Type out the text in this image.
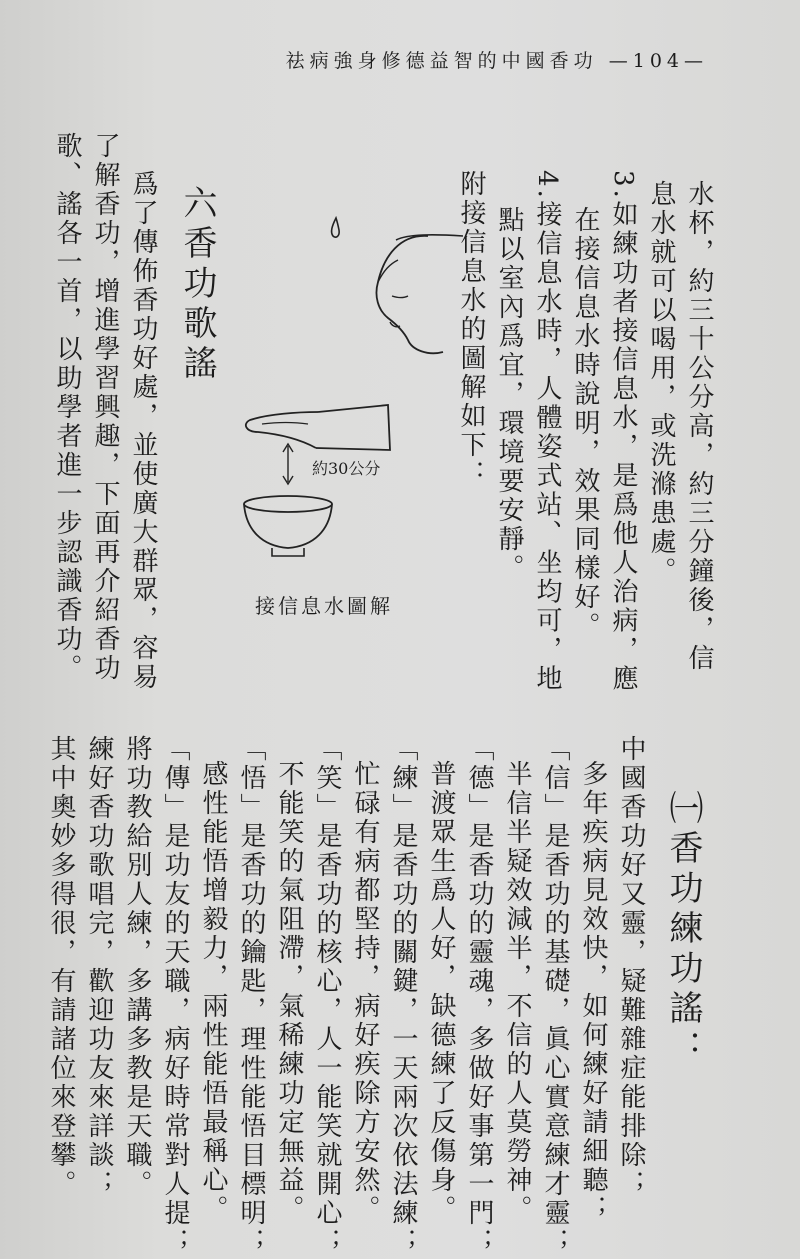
祛病強身修德益智的中國香功 —104—
水杯，約三十公分高，約三分鐘後，信
息水就可以喝用，或洗滌患處。
3.如練功者接信息水，是爲他人治病，應
在接信息水時說明，效果同樣好。
4.接信息水時，人體姿式站、坐均可，地
點以室內爲宜，環境要安靜。
附接信息水的圖解如下：
六香功歌謠
爲了傳佈香功好處，並使廣大群眾，容易
了解香功，增進學習興趣，下面再介紹香功
歌、謠各一首，以助學者進一步認識香功。	約30公分
接信息水圖解
㈠香功練功謠：
中國香功好又靈，疑難雜症能排除；
多年疾病見效快，如何練好請細聽；
「信」是香功的基礎，眞心實意練才靈；
半信半疑效減半，不信的人莫勞神。
「德」是香功的靈魂，多做好事第一門；
普渡眾生爲人好，缺德練了反傷身。
「練」是香功的關鍵，一天兩次依法練；
忙碌有病都堅持，病好疾除方安然。
「笑」是香功的核心，人一能笑就開心；
不能笑的氣阻滯，氣稀練功定無益。
「悟」是香功的鑰匙，理性能悟目標明；
感性能悟增毅力，兩性能悟最稱心。
「傳」是功友的天職，病好時常對人提；
將功教給別人練，多講多教是天職。
練好香功歌唱完，歡迎功友來詳談；
其中奧妙多得很，有請諸位來登攀。
